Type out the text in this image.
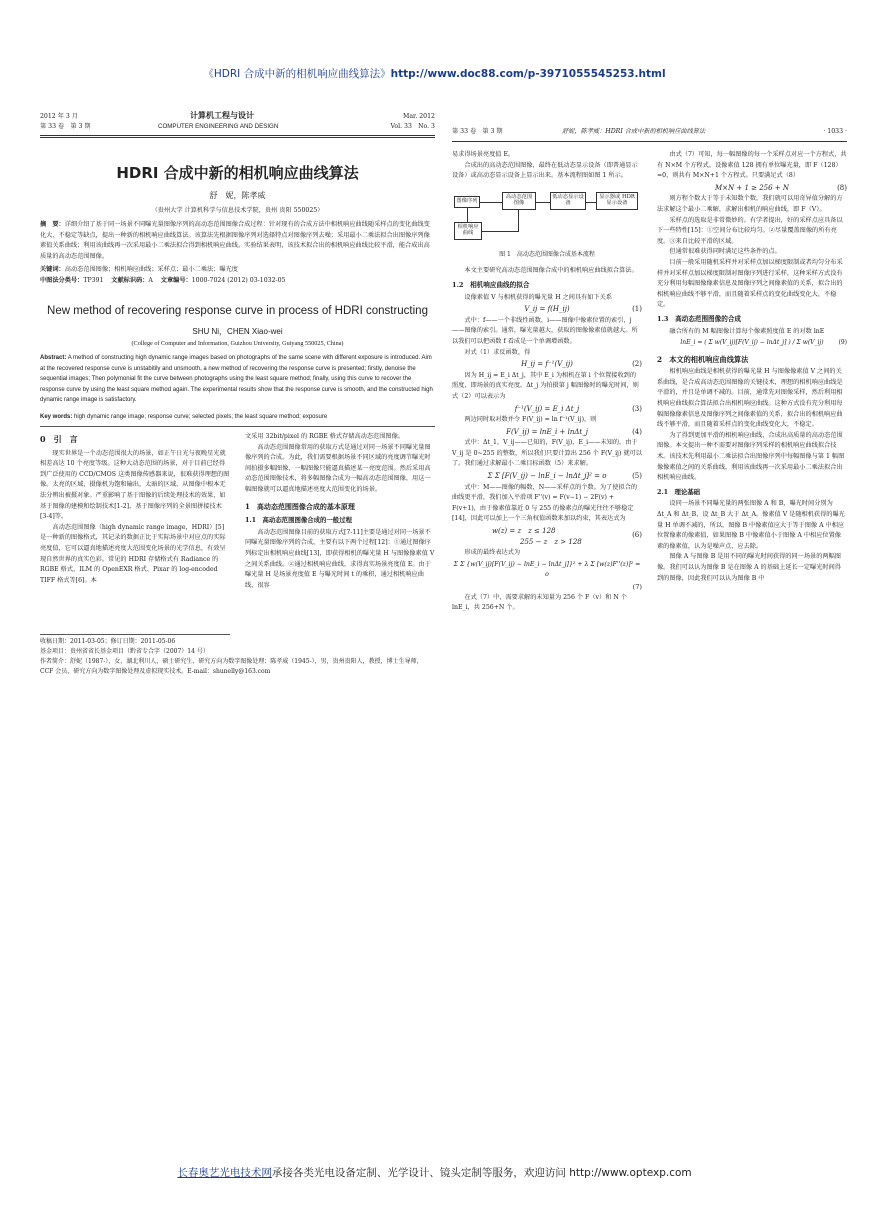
《HDRI 合成中新的相机响应曲线算法》http://www.doc88.com/p-3971055545253.html
2012 年 3 月	计算机工程与设计	Mar. 2012
第 33 卷　第 3 期	COMPUTER ENGINEERING AND DESIGN	Vol. 33　No. 3
HDRI 合成中新的相机响应曲线算法
舒　妮，陈孝威
（贵州大学 计算机科学与信息技术学院，贵州 贵阳 550025）
摘　要：详细介绍了基于同一场景不同曝光量图像序列的高动态范围图像合成过程：针对现有的合成方法中相机响应曲线随采样点的变化曲线变化大、不稳定等缺点，提出一种新的相机响应曲线算法。该算法先根据图像序列对选择特点对图像序列去噪；采用最小二乘法拟合出图像序列像素值关系曲线；利用该曲线再一次采用最小二乘法拟合得到相机响应曲线。实验结果表明，该技术拟合出的相机响应曲线比较平滑，能合成出高质量的高动态范围图像。
关键词：高动态范围图像；相机响应曲线；采样点；最小二乘法；曝光度
中图法分类号：TP391 文献标识码：A 文章编号：1000-7024 (2012) 03-1032-05
New method of recovering response curve in process of HDRI constructing
SHU Ni，CHEN Xiao-wei
(College of Computer and Information, Guizhou University, Guiyang 550025, China)
Abstract: A method of constructing high dynamic range images based on photographs of the same scene with different exposure is introduced. Aim at the recovered response curve is unstabitily and unsmooth, a new method of recovering the response curve is presented; firstly, denoise the sequential images; Then polymonial fit the curve between photographs using the least square method; finally, using this curve to recover the response curve by using the least square method again. The experimental results show that the response curve is smooth, and the constructed high dynamic range image is satisfactory.
Key words: high dynamic range image; response curve; selected pixels; the least square method; exposure
0　引　言

现实世界是一个动态范围很大的场景，如正午日光与夜晚星光就相差高达 10 个亮度等级。这种大动态范围的场景，对于目前已经得到广泛使用的 CCD/CMOS 这类图像传感器来说，很难获得理想的图像。太亮的区域，摄像机为饱和输出，太暗的区域，从图像中根本无法分辨出被摄对象。严重影响了基于图像的后续处理技术的效果，如基于图像的建模和绘制技术[1-2]、基于图像序列的全景图拼接技术[3-4]等。

高动态范围图像（high dynamic range image，HDRI）[5]是一种新的图像格式，其记录的数据正比于实际场景中对应点的实际亮度值，它可以逼真地描述亮度大范围变化场景的光学信息，有效呈现自然世界的真实色彩。常见的 HDRI 存储格式有 Radiance 的 RGBE 格式、ILM 的 OpenEXR 格式、Pixar 的 log-encoded TIFF 格式等[6]。本

文采用 32bit/pixel 的 RGBE 格式存储高动态范围图像。

高动态范围图像常用的获取方式是通过对同一场景不同曝光量图像序列的合成。为此，我们需要根据场景不同区域的亮度调节曝光时间拍摄多幅图像，一幅图像只能逼真描述某一亮度范围。然后采用高动态范围图像技术，将多幅图像合成为一幅高动态范围图像，用这一幅图像就可以逼真地描述亮度大范围变化的场景。

1　高动态范围图像合成的基本原理
1.1　高动态范围图像合成的一般过程

高动态范围图像目前的获取方式[7-11]主要是通过对同一场景不同曝光量图像序列的合成，主要有以下两个过程[12]：①通过图像序列标定出相机响应曲线[13]，即获得相机的曝光量 H 与图像像素值 V 之间关系曲线。②通过相机响应曲线，求得真实场景亮度值 E。由于曝光量 H 是场景亮度值 E 与曝光时间 t 的乘积，通过相机响应曲线，很容

收稿日期：2011-03-05；修订日期：2011-05-06
基金项目：贵州省省长基金项目（黔省专合字（2007）14 号）
作者简介：舒妮（1987-），女，湖北利川人，硕士研究生，研究方向为数字图像处理；陈孝威（1945-），男，贵州贵阳人，教授，博士生导师，CCF 会员，研究方向为数字图像处理及虚拟现实技术。E-mail：shunelly@163.com
第 33 卷　第 3 期	舒妮，陈孝威：HDRI 合成中新的相机响应曲线算法	· 1033 ·

易求得场景亮度值 E。

合成出的高动态范围图像，最终在低动态显示设备（即普通显示设备）或高动态显示设备上显示出来。基本流程图如图 1 所示。

图像序列
高动态范围图像
低动态显示设备
显示器或 HDR 显示设备
相机响应曲线
图 1　高动态范围图像合成基本流程

本文主要研究高动态范围图像合成中的相机响应曲线拟合算法。

1.2　相机响应曲线的拟合

设像素值 V 与相机获得的曝光量 H 之间具有如下关系

V_ij = f(H_ij)	(1)

式中：f——一个非线性函数，i——图像中像素位置的索引，j——图像的索引。通常，曝光量越大，获取的图像像素值就越大。所以我们可以把函数 f 看成是一个单调增函数。

对式（1）求反函数，得

H_ij = f⁻¹(V_ij)	(2)

因为 H_ij = E_i Δt_j，其中 E_i 为相机在第 i 个位置接收到的照度，即场景的真实亮度。Δt_j 为拍摄第 j 幅图像时的曝光时间，则式（2）可以表示为

f⁻¹(V_ij) = E_i Δt_j	(3)

两边同时取对数并令 F(V_ij) = ln f⁻¹(V_ij)，则

F(V_ij) = lnE_i + lnΔt_j	(4)

式中：Δt_1，V_ij——已知的，F(V_ij)，E_i——未知的，由于 V_ij 是 0~255 的整数，所以我们只要计算出 256 个 F(V_ij) 就可以了。我们通过求解最小二乘目标函数（5）来求解。

Σ Σ [F(V_ij) − lnE_i − lnΔt_j]² = o	(5)

式中：M——图像的幅数，N——采样点的个数。为了使拟合的曲线更平滑，我们加入平滑项 F''(v) = F(v−1) − 2F(v) + F(v+1)，由于像素值靠近 0 与 255 的像素点的曝光往往不够稳定[14]，因此可以加上一个三角权值函数来加以约束，其表达式为

w(z) = z　z ≤ 128
255 − z　z > 128
(6)

形成的最终表达式为

Σ Σ {w(V_ij)[F(V_ij) − lnE_i − lnΔt_j]}² + λ Σ [w(z)F''(z)]² = o
(7)

在式（7）中，需要求解的未知量为 256 个 F（v）和 N 个 lnE_i，共 256+N 个。

由式（7）可知，每一幅图像的每一个采样点对应一个方程式，共有 N×M 个方程式。设像素值 128 拥有单位曝光量，即 F（128）=0，则共有 M×N+1 个方程式。只要满足式（8）

M×N + 1 ≥ 256 + N	(8)

则方程个数大于等于未知数个数，我们就可以用奇异值分解的方法求解这个最小二乘解，求解出相机的响应曲线，即 F（V）。

采样点的选取是非常微妙的。有学者提出，好的采样点应具备以下一些特性[15]：①空间分布比较均匀。②尽量覆盖图像的所有亮度。③来自比较平滑的区域。

但通常很难获得同时满足这些条件的点。

目前一般采用随机采样并对采样点加以梯度限制或者均匀分布采样并对采样点加以梯度限制对图像序列进行采样，这种采样方式没有充分利用每幅图像像素信息及图像序列之间像素值的关系，拟合出的相机响应曲线不够平滑，而且随着采样点的变化曲线变化大，不稳定。

1.3　高动态范围图像的合成

融合所有的 M 幅图像计算每个像素照度值 E 的对数 lnE

lnE_i = ( Σ w(V_ij)[F(V_ij) − lnΔt_j] ) / Σ w(V_ij) (9)
2　本文的相机响应曲线算法

相机响应曲线是相机获得的曝光量 H 与图像像素值 V 之间的关系曲线，是合成高动态范围图像的关键技术，理想的相机响应曲线是平滑的，并且是单调不减的。目前，通常先对图像采样，然后利用相机响应曲线拟合算法拟合出相机响应曲线。这种方式没有充分利用每幅图像像素信息及图像序列之间像素值的关系，拟合出的相机响应曲线不够平滑，而且随着采样点的变化曲线变化大，不稳定。

为了得到更加平滑的相机响应曲线，合成出高质量的高动态范围图像。本文提出一种不需要对图像序列采样的相机响应曲线拟合技术。该技术先利用最小二乘法拟合出图像序列中每幅图像与第 1 幅图像像素值之间的关系曲线，利用该曲线再一次采用最小二乘法拟合出相机响应曲线。

2.1　理论基础

设同一场景不同曝光量的两张图像 A 和 B，曝光时间分别为 Δt_A 和 Δt_B，设 Δt_B 大于 Δt_A。像素值 V 是随相机获得的曝光量 H 单调不减的，所以，图像 B 中像素值应大于等于图像 A 中相应位置像素的像素值，如果图像 B 中像素值小于图像 A 中相应位置像素的像素值，认为是噪声点，应去除。

图像 A 与图像 B 是用不同的曝光时间获得的同一场景的两幅图像。我们可以认为图像 B 是在图像 A 的基础上延长一定曝光时间得到的图像，因此我们可以认为图像 B 中

长春奥艺光电技术网承接各类光电设备定制、光学设计、镜头定制等服务，欢迎访问 http://www.optexp.com
